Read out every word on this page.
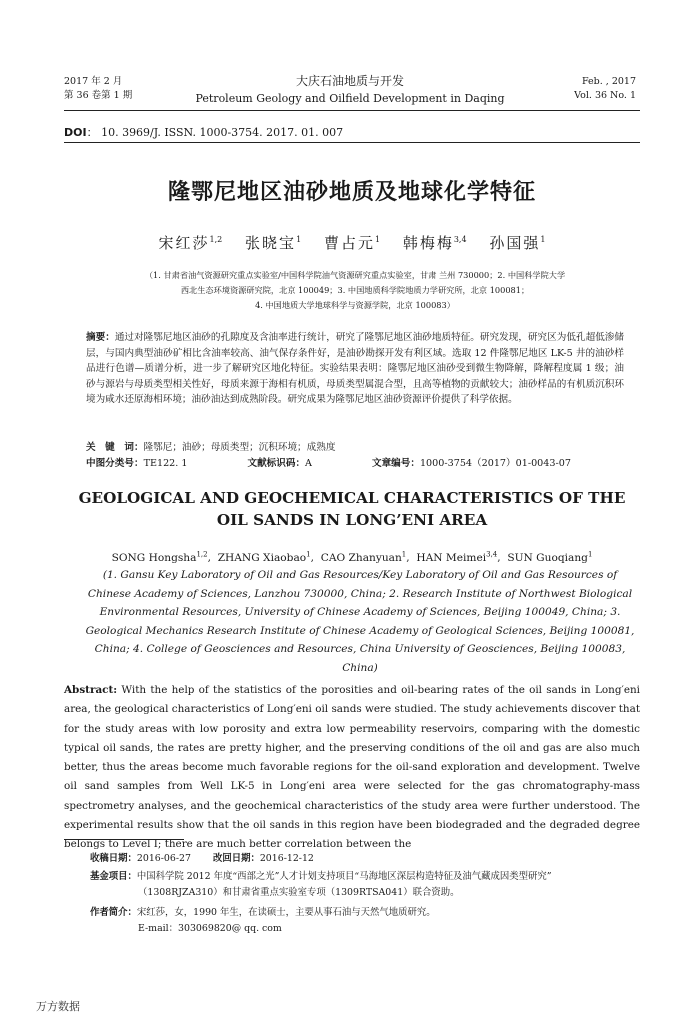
2017 年 2 月
第 36 卷第 1 期
大庆石油地质与开发
Petroleum Geology and Oilfield Development in Daqing
Feb. , 2017
Vol. 36 No. 1
DOI： 10. 3969/J. ISSN. 1000-3754. 2017. 01. 007
隆鄂尼地区油砂地质及地球化学特征
宋红莎$^{1,2}$ 张晓宝$^1$ 曹占元$^1$ 韩梅梅$^{3,4}$ 孙国强$^1$
（1. 甘肃省油气资源研究重点实验室/中国科学院油气资源研究重点实验室，甘肃 兰州 730000；2. 中国科学院大学
西北生态环境资源研究院，北京 100049；3. 中国地质科学院地质力学研究所，北京 100081；
4. 中国地质大学地球科学与资源学院，北京 100083）
摘要：通过对隆鄂尼地区油砂的孔隙度及含油率进行统计，研究了隆鄂尼地区油砂地质特征。研究发现，研究区为低孔超低渗储层，与国内典型油砂矿相比含油率较高、油气保存条件好，是油砂勘探开发有利区域。选取 12 件隆鄂尼地区 LK-5 井的油砂样品进行色谱—质谱分析，进一步了解研究区地化特征。实验结果表明：隆鄂尼地区油砂受到微生物降解，降解程度属 1 级；油砂与源岩与母质类型相关性好，母质来源于海相有机质，母质类型属混合型，且高等植物的贡献较大；油砂样品的有机质沉积环境为咸水还原海相环境；油砂油达到成熟阶段。研究成果为隆鄂尼地区油砂资源评价提供了科学依据。
关　键　词：隆鄂尼；油砂；母质类型；沉积环境；成熟度
中图分类号：TE122. 1	文献标识码：A	文章编号：1000-3754（2017）01-0043-07
GEOLOGICAL AND GEOCHEMICAL CHARACTERISTICS OF THE OIL SANDS IN LONG’ENI AREA
SONG Hongsha$^{1,2}$,  ZHANG Xiaobao$^1$,  CAO Zhanyuan$^1$,  HAN Meimei$^{3,4}$,  SUN Guoqiang$^1$
(1. Gansu Key Laboratory of Oil and Gas Resources/Key Laboratory of Oil and Gas Resources of Chinese Academy of Sciences, Lanzhou 730000, China; 2. Research Institute of Northwest Biological Environmental Resources, University of Chinese Academy of Sciences, Beijing 100049, China; 3. Geological Mechanics Research Institute of Chinese Academy of Geological Sciences, Beijing 100081, China; 4. College of Geosciences and Resources, China University of Geosciences, Beijing 100083, China)
Abstract: With the help of the statistics of the porosities and oil-bearing rates of the oil sands in Long′eni area, the geological characteristics of Long′eni oil sands were studied. The study achievements discover that for the study areas with low porosity and extra low permeability reservoirs, comparing with the domestic typical oil sands, the rates are pretty higher, and the preserving conditions of the oil and gas are also much better, thus the areas become much favorable regions for the oil-sand exploration and development. Twelve oil sand samples from Well LK-5 in Long′eni area were selected for the gas chromatography-mass spectrometry analyses, and the geochemical characteristics of the study area were further understood. The experimental results show that the oil sands in this region have been biodegraded and the degraded degree belongs to Level Ⅰ; there are much better correlation between the
收稿日期：2016-06-27 改回日期：2016-12-12
基金项目：中国科学院 2012 年度“西部之光”人才计划支持项目“马海地区深层构造特征及油气藏成因类型研究”
（1308RJZA310）和甘肃省重点实验室专项（1309RTSA041）联合资助。
作者简介：宋红莎，女，1990 年生，在读硕士，主要从事石油与天然气地质研究。
E-mail：303069820@ qq. com
万方数据
